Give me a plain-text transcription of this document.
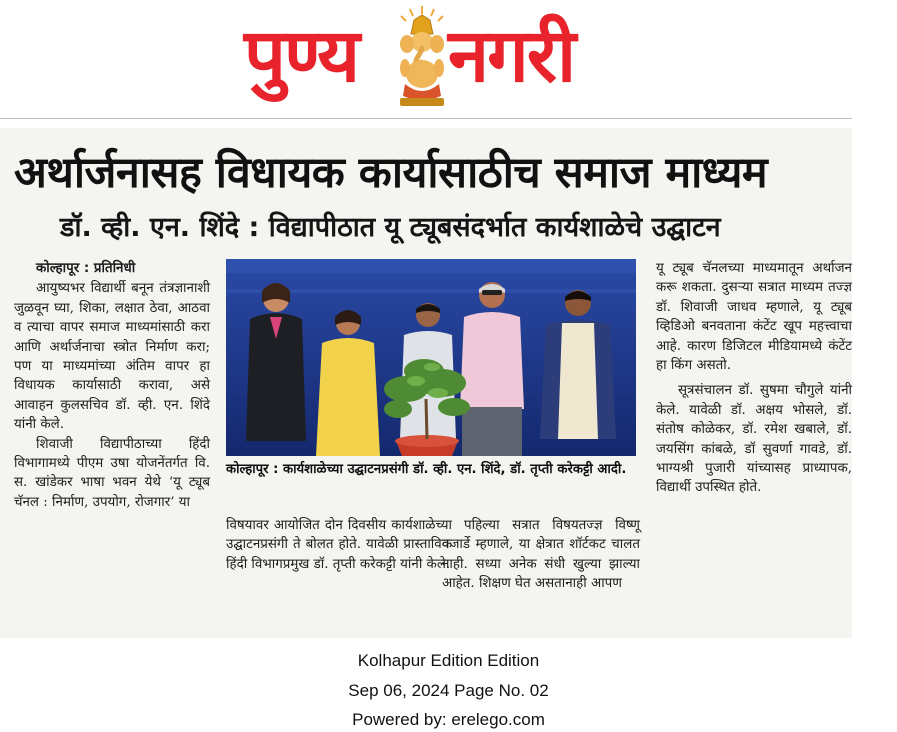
पुण्य नगरी
अर्थार्जनासह विधायक कार्यासाठीच समाज माध्यम
डॉ. व्ही. एन. शिंदे : विद्यापीठात यू ट्यूबसंदर्भात कार्यशाळेचे उद्घाटन
कोल्हापूर : प्रतिनिधी

आयुष्यभर विद्यार्थी बनून तंत्रज्ञानाशी जुळवून घ्या, शिका, लक्षात ठेवा, आठवा व त्याचा वापर समाज माध्यमांसाठी करा आणि अर्थार्जनाचा स्त्रोत निर्माण करा; पण या माध्यमांच्या अंतिम वापर हा विधायक कार्यासाठी करावा, असे आवाहन कुलसचिव डॉ. व्ही. एन. शिंदे यांनी केले.

शिवाजी विद्यापीठाच्या हिंदी विभागामध्ये पीएम उषा योजनेंतर्गत वि. स. खांडेकर भाषा भवन येथे ‘यू ट्यूब चॅनल : निर्माण, उपयोग, रोजगार’ या

कोल्हापूर : कार्यशाळेच्या उद्घाटनप्रसंगी डॉ. व्ही. एन. शिंदे, डॉ. तृप्ती करेकट्टी आदी.

विषयावर आयोजित दोन दिवसीय कार्यशाळेच्या उद्घाटनप्रसंगी ते बोलत होते. यावेळी प्रास्ताविक हिंदी विभागप्रमुख डॉ. तृप्ती करेकट्टी यांनी केले.

पहिल्या सत्रात विषयतज्ज्ञ विष्णू वजार्डे म्हणाले, या क्षेत्रात शॉर्टकट चालत नाही. सध्या अनेक संधी खुल्या झाल्या आहेत. शिक्षण घेत असतानाही आपण

यू ट्यूब चॅनलच्या माध्यमातून अर्थाजन करू शकता. दुसऱ्या सत्रात माध्यम तज्ज्ञ डॉ. शिवाजी जाधव म्हणाले, यू ट्यूब व्हिडिओ बनवताना कंटेंट खूप महत्त्वाचा आहे. कारण डिजिटल मीडियामध्ये कंटेंट हा किंग असतो.

सूत्रसंचालन डॉ. सुषमा चौगुले यांनी केले. यावेळी डॉ. अक्षय भोसले, डॉ. संतोष कोळेकर, डॉ. रमेश खबाले, डॉ. जयसिंग कांबळे, डॉ सुवर्णा गावडे, डॉ. भाग्यश्री पुजारी यांच्यासह प्राध्यापक, विद्यार्थी उपस्थित होते.

Kolhapur Edition Edition
Sep 06, 2024 Page No. 02
Powered by: erelego.com
